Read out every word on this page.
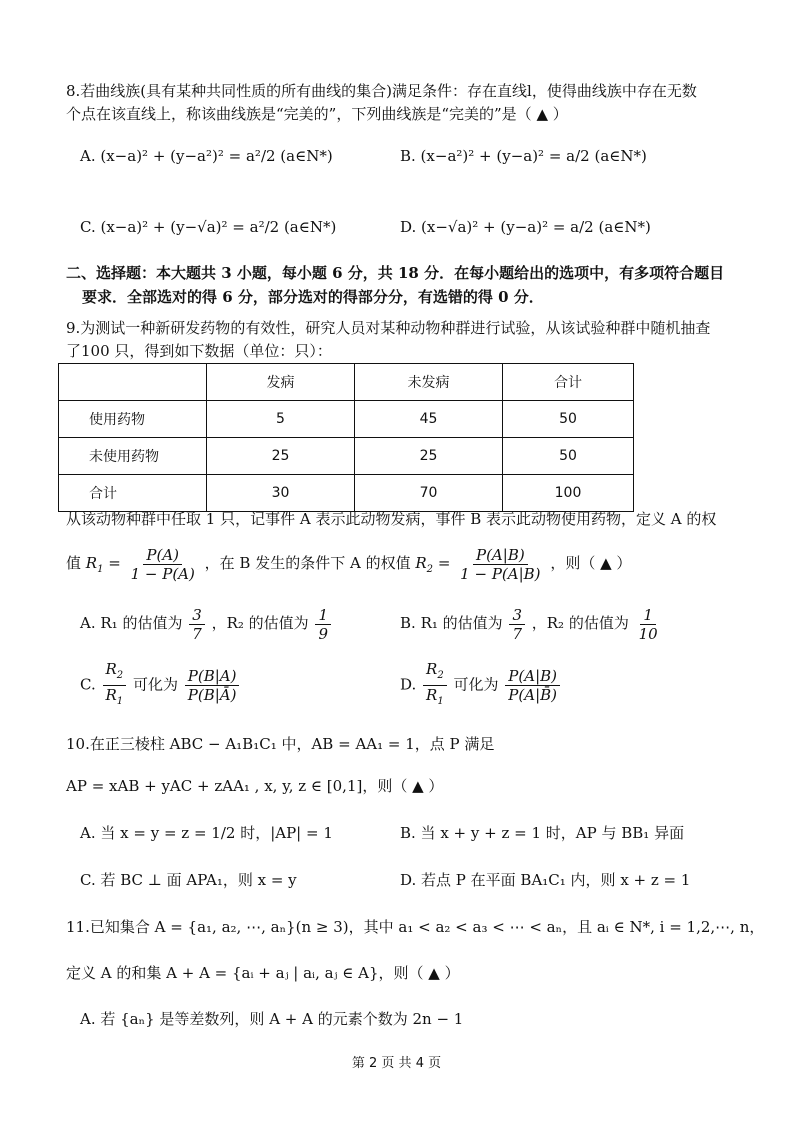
8.若曲线族(具有某种共同性质的所有曲线的集合)满足条件：存在直线l，使得曲线族中存在无数
个点在该直线上，称该曲线族是“完美的”，下列曲线族是“完美的”是（ ▲ ）
A. (x−a)² + (y−a²)² = a²/2 (a∈N*)	B. (x−a²)² + (y−a)² = a/2 (a∈N*)
C. (x−a)² + (y−√a)² = a²/2 (a∈N*)	D. (x−√a)² + (y−a)² = a/2 (a∈N*)
二、选择题：本大题共 3 小题，每小题 6 分，共 18 分．在每小题给出的选项中，有多项符合题目
要求．全部选对的得 6 分，部分选对的得部分分，有选错的得 0 分．
9.为测试一种新研发药物的有效性，研究人员对某种动物种群进行试验，从该试验种群中随机抽查
了100 只，得到如下数据（单位：只）：
	发病	未发病	合计
使用药物	5	45	50
未使用药物	25	25	50
合计	30	70	100
从该动物种群中任取 1 只，记事件 A 表示此动物发病，事件 B 表示此动物使用药物，定义 A 的权
值 $R_1 = \frac{P(A)}{1 - P(A)}$ ，在 B 发生的条件下 A 的权值 $R_2 = \frac{P(A|B)}{1 - P(A|B)}$ ，则（ ▲ ）
A. R₁ 的估值为 $\frac{3}{7}$ ，R₂ 的估值为 $\frac{1}{9}$	B. R₁ 的估值为 $\frac{3}{7}$ ，R₂ 的估值为 $\frac{1}{10}$
C. $\frac{R_2}{R_1}$ 可化为 $\frac{P(B|A)}{P(B|Ā)}$	D. $\frac{R_2}{R_1}$ 可化为 $\frac{P(A|B)}{P(A|B̄)}$
10.在正三棱柱 ABC − A₁B₁C₁ 中，AB = AA₁ = 1，点 P 满足
AP = xAB + yAC + zAA₁ , x, y, z ∈ [0,1]，则（ ▲ ）
A. 当 x = y = z = 1/2 时，|AP| = 1	B. 当 x + y + z = 1 时，AP 与 BB₁ 异面
C. 若 BC ⊥ 面 APA₁，则 x = y	D. 若点 P 在平面 BA₁C₁ 内，则 x + z = 1
11.已知集合 A = {a₁, a₂, ⋯, aₙ}(n ≥ 3)，其中 a₁ < a₂ < a₃ < ⋯ < aₙ，且 aᵢ ∈ N*, i = 1,2,⋯, n，
定义 A 的和集 A + A = {aᵢ + aⱼ | aᵢ, aⱼ ∈ A}，则（ ▲ ）
A. 若 {aₙ} 是等差数列，则 A + A 的元素个数为 2n − 1
第 2 页 共 4 页
